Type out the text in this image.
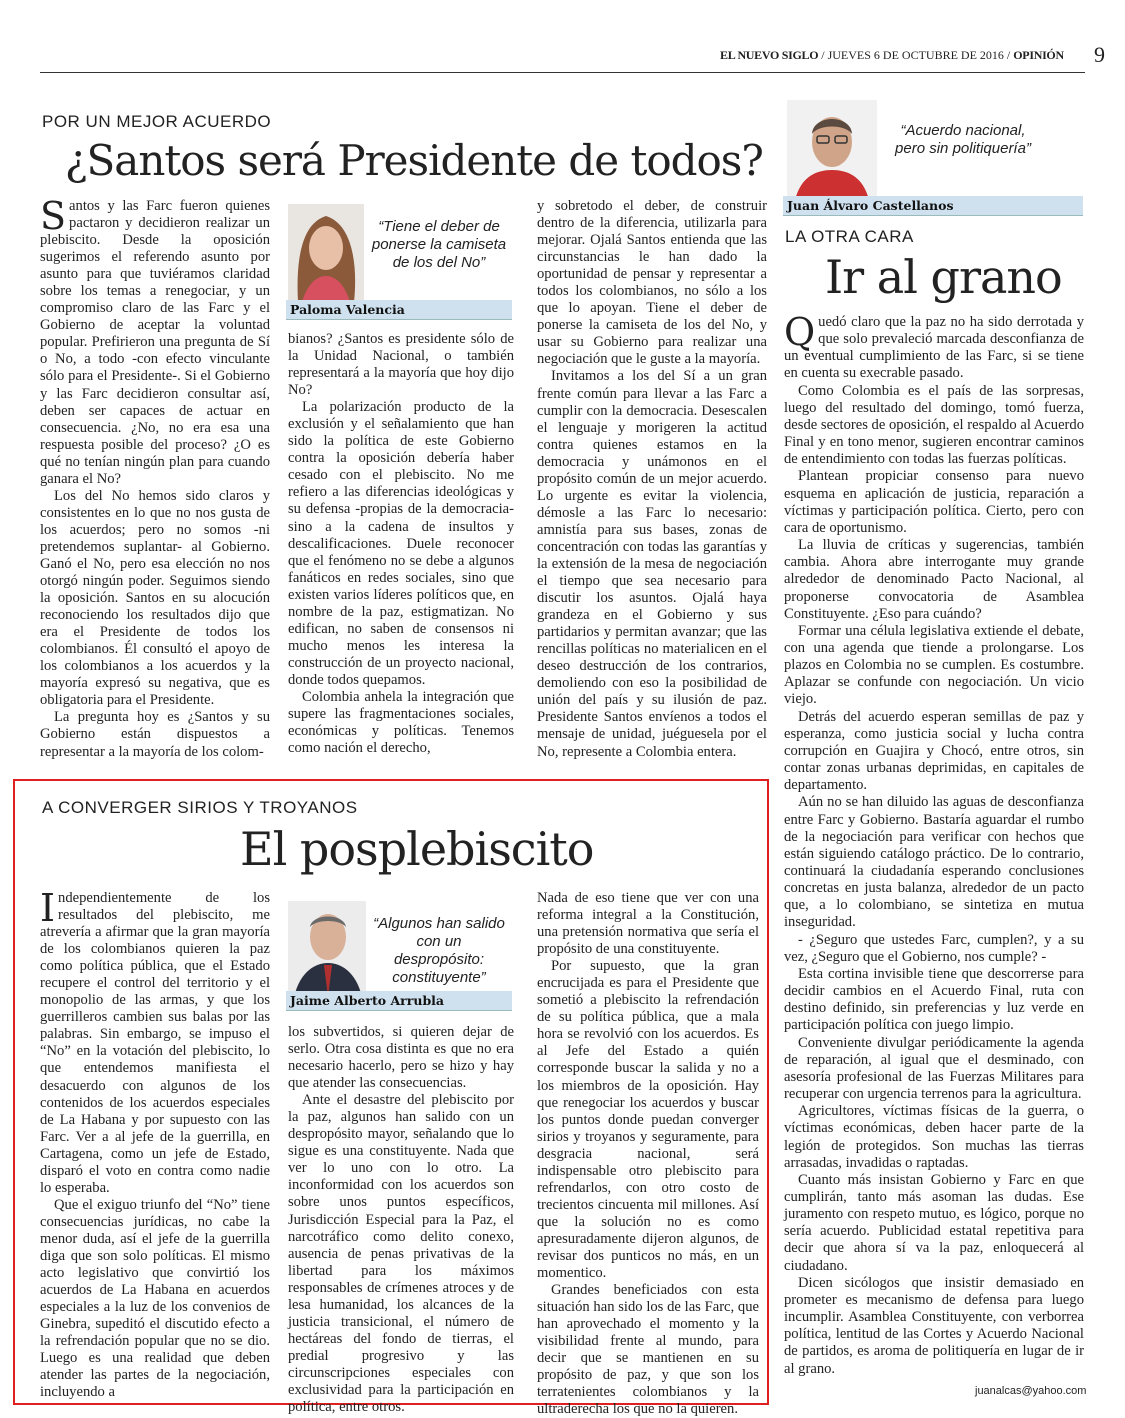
EL NUEVO SIGLO / JUEVES 6 DE OCTUBRE DE 2016 / OPINIÓN 9
POR UN MEJOR ACUERDO
¿Santos será Presidente de todos?

Santos y las Farc fueron quienes pactaron y decidieron realizar un plebiscito. Desde la oposición sugerimos el referendo asunto por asunto para que tuviéramos claridad sobre los temas a renegociar, y un compromiso claro de las Farc y el Gobierno de aceptar la voluntad popular. Prefirieron una pregunta de Sí o No, a todo -con efecto vinculante sólo para el Presidente-. Si el Gobierno y las Farc decidieron consultar así, deben ser capaces de actuar en consecuencia. ¿No, no era esa una respuesta posible del proceso? ¿O es qué no tenían ningún plan para cuando ganara el No?

Los del No hemos sido claros y consistentes en lo que no nos gusta de los acuerdos; pero no somos -ni pretendemos suplantar- al Gobierno. Ganó el No, pero esa elección no nos otorgó ningún poder. Seguimos siendo la oposición. Santos en su alocución reconociendo los resultados dijo que era el Presidente de todos los colombianos. Él consultó el apoyo de los colombianos a los acuerdos y la mayoría expresó su negativa, que es obligatoria para el Presidente.

La pregunta hoy es ¿Santos y su Gobierno están dispuestos a representar a la mayoría de los colom-

“Tiene el deber de ponerse la camiseta de los del No”
Paloma Valencia

bianos? ¿Santos es presidente sólo de la Unidad Nacional, o también representará a la mayoría que hoy dijo No?

La polarización producto de la exclusión y el señalamiento que han sido la política de este Gobierno contra la oposición debería haber cesado con el plebiscito. No me refiero a las diferencias ideológicas y su defensa -propias de la democracia- sino a la cadena de insultos y descalificaciones. Duele reconocer que el fenómeno no se debe a algunos fanáticos en redes sociales, sino que existen varios líderes políticos que, en nombre de la paz, estigmatizan. No edifican, no saben de consensos ni mucho menos les interesa la construcción de un proyecto nacional, donde todos quepamos.

Colombia anhela la integración que supere las fragmentaciones sociales, económicas y políticas. Tenemos como nación el derecho,

y sobretodo el deber, de construir dentro de la diferencia, utilizarla para mejorar. Ojalá Santos entienda que las circunstancias le han dado la oportunidad de pensar y representar a todos los colombianos, no sólo a los que lo apoyan. Tiene el deber de ponerse la camiseta de los del No, y usar su Gobierno para realizar una negociación que le guste a la mayoría.

Invitamos a los del Sí a un gran frente común para llevar a las Farc a cumplir con la democracia. Desescalen el lenguaje y morigeren la actitud contra quienes estamos en la democracia y unámonos en el propósito común de un mejor acuerdo. Lo urgente es evitar la violencia, démosle a las Farc lo necesario: amnistía para sus bases, zonas de concentración con todas las garantías y la extensión de la mesa de negociación el tiempo que sea necesario para discutir los asuntos. Ojalá haya grandeza en el Gobierno y sus partidarios y permitan avanzar; que las rencillas políticas no materialicen en el deseo destrucción de los contrarios, demoliendo con eso la posibilidad de unión del país y su ilusión de paz. Presidente Santos envíenos a todos el mensaje de unidad, juéguesela por el No, represente a Colombia entera.

A CONVERGER SIRIOS Y TROYANOS
El posplebiscito

Independientemente de los resultados del plebiscito, me atrevería a afirmar que la gran mayoría de los colombianos quieren la paz como política pública, que el Estado recupere el control del territorio y el monopolio de las armas, y que los guerrilleros cambien sus balas por las palabras. Sin embargo, se impuso el “No” en la votación del plebiscito, lo que entendemos manifiesta el desacuerdo con algunos de los contenidos de los acuerdos especiales de La Habana y por supuesto con las Farc. Ver a al jefe de la guerrilla, en Cartagena, como un jefe de Estado, disparó el voto en contra como nadie lo esperaba.

Que el exiguo triunfo del “No” tiene consecuencias jurídicas, no cabe la menor duda, así el jefe de la guerrilla diga que son solo políticas. El mismo acto legislativo que convirtió los acuerdos de La Habana en acuerdos especiales a la luz de los convenios de Ginebra, supeditó el discutido efecto a la refrendación popular que no se dio. Luego es una realidad que deben atender las partes de la negociación, incluyendo a

“Algunos han salido con un despropósito: constituyente”
Jaime Alberto Arrubla

los subvertidos, si quieren dejar de serlo. Otra cosa distinta es que no era necesario hacerlo, pero se hizo y hay que atender las consecuencias.

Ante el desastre del plebiscito por la paz, algunos han salido con un despropósito mayor, señalando que lo sigue es una constituyente. Nada que ver lo uno con lo otro. La inconformidad con los acuerdos son sobre unos puntos específicos, Jurisdicción Especial para la Paz, el narcotráfico como delito conexo, ausencia de penas privativas de la libertad para los máximos responsables de crímenes atroces y de lesa humanidad, los alcances de la justicia transicional, el número de hectáreas del fondo de tierras, el predial progresivo y las circunscripciones especiales con exclusividad para la participación en política, entre otros.

Nada de eso tiene que ver con una reforma integral a la Constitución, una pretensión normativa que sería el propósito de una constituyente.

Por supuesto, que la gran encrucijada es para el Presidente que sometió a plebiscito la refrendación de su política pública, que a mala hora se revolvió con los acuerdos. Es al Jefe del Estado a quién corresponde buscar la salida y no a los miembros de la oposición. Hay que renegociar los acuerdos y buscar los puntos donde puedan converger sirios y troyanos y seguramente, para desgracia nacional, será indispensable otro plebiscito para refrendarlos, con otro costo de trecientos cincuenta mil millones. Así que la solución no es como apresuradamente dijeron algunos, de revisar dos punticos no más, en un momentico.

Grandes beneficiados con esta situación han sido los de las Farc, que han aprovechado el momento y la visibilidad frente al mundo, para decir que se mantienen en su propósito de paz, y que son los terratenientes colombianos y la ultraderecha los que no la quieren.

“Acuerdo nacional, pero sin politiquería”
Juan Álvaro Castellanos
LA OTRA CARA
Ir al grano

Quedó claro que la paz no ha sido derrotada y que solo prevaleció marcada desconfianza de un eventual cumplimiento de las Farc, si se tiene en cuenta su execrable pasado.

Como Colombia es el país de las sorpresas, luego del resultado del domingo, tomó fuerza, desde sectores de oposición, el respaldo al Acuerdo Final y en tono menor, sugieren encontrar caminos de entendimiento con todas las fuerzas políticas.

Plantean propiciar consenso para nuevo esquema en aplicación de justicia, reparación a víctimas y participación política. Cierto, pero con cara de oportunismo.

La lluvia de críticas y sugerencias, también cambia. Ahora abre interrogante muy grande alrededor de denominado Pacto Nacional, al proponerse convocatoria de Asamblea Constituyente. ¿Eso para cuándo?

Formar una célula legislativa extiende el debate, con una agenda que tiende a prolongarse. Los plazos en Colombia no se cumplen. Es costumbre. Aplazar se confunde con negociación. Un vicio viejo.

Detrás del acuerdo esperan semillas de paz y esperanza, como justicia social y lucha contra corrupción en Guajira y Chocó, entre otros, sin contar zonas urbanas deprimidas, en capitales de departamento.

Aún no se han diluido las aguas de desconfianza entre Farc y Gobierno. Bastaría aguardar el rumbo de la negociación para verificar con hechos que están siguiendo catálogo práctico. De lo contrario, continuará la ciudadanía esperando conclusiones concretas en justa balanza, alrededor de un pacto que, a lo colombiano, se sintetiza en mutua inseguridad.

- ¿Seguro que ustedes Farc, cumplen?, y a su vez, ¿Seguro que el Gobierno, nos cumple? -

Esta cortina invisible tiene que descorrerse para decidir cambios en el Acuerdo Final, ruta con destino definido, sin preferencias y luz verde en participación política con juego limpio.

Conveniente divulgar periódicamente la agenda de reparación, al igual que el desminado, con asesoría profesional de las Fuerzas Militares para recuperar con urgencia terrenos para la agricultura.

Agricultores, víctimas físicas de la guerra, o víctimas económicas, deben hacer parte de la legión de protegidos. Son muchas las tierras arrasadas, invadidas o raptadas.

Cuanto más insistan Gobierno y Farc en que cumplirán, tanto más asoman las dudas. Ese juramento con respeto mutuo, es lógico, porque no sería acuerdo. Publicidad estatal repetitiva para decir que ahora sí va la paz, enloquecerá al ciudadano.

Dicen sicólogos que insistir demasiado en prometer es mecanismo de defensa para luego incumplir. Asamblea Constituyente, con verborrea política, lentitud de las Cortes y Acuerdo Nacional de partidos, es aroma de politiquería en lugar de ir al grano.

juanalcas@yahoo.com
